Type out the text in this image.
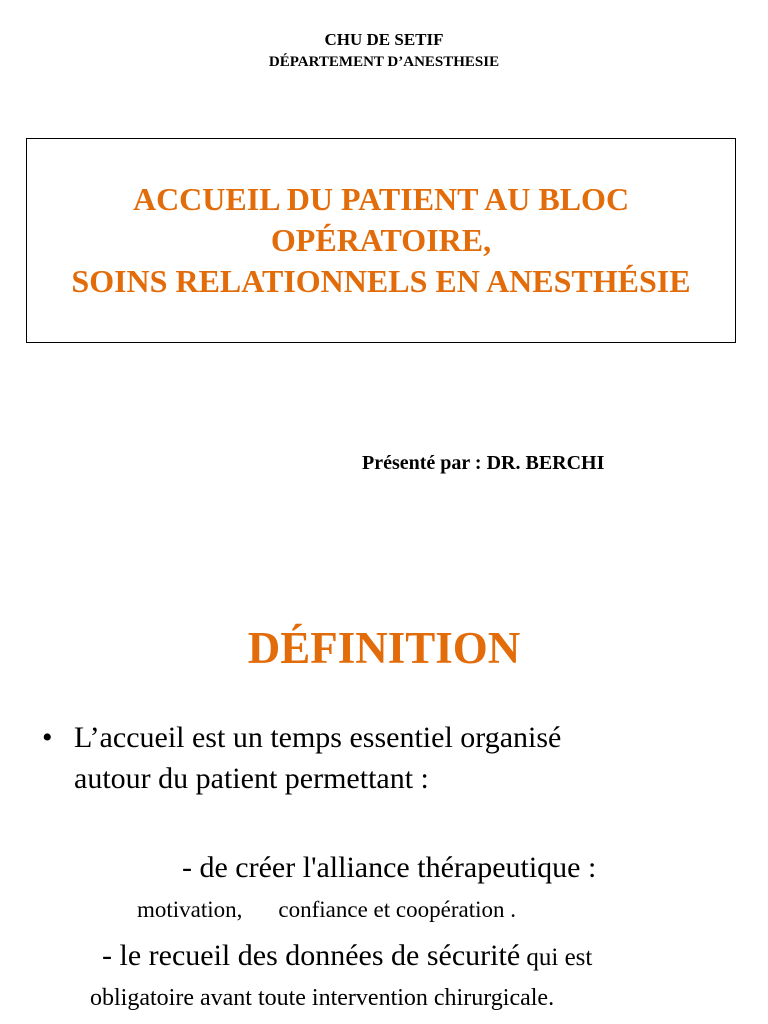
CHU DE SETIF
DÉPARTEMENT D’ANESTHESIE
ACCUEIL DU PATIENT AU BLOC
OPÉRATOIRE,
SOINS RELATIONNELS EN ANESTHÉSIE
Présenté par : DR. BERCHI
DÉFINITION
• L’accueil est un temps essentiel organisé
autour du patient permettant :
- de créer l'alliance thérapeutique :
motivation, confiance et coopération .
- le recueil des données de sécurité qui est
obligatoire avant toute intervention chirurgicale.
